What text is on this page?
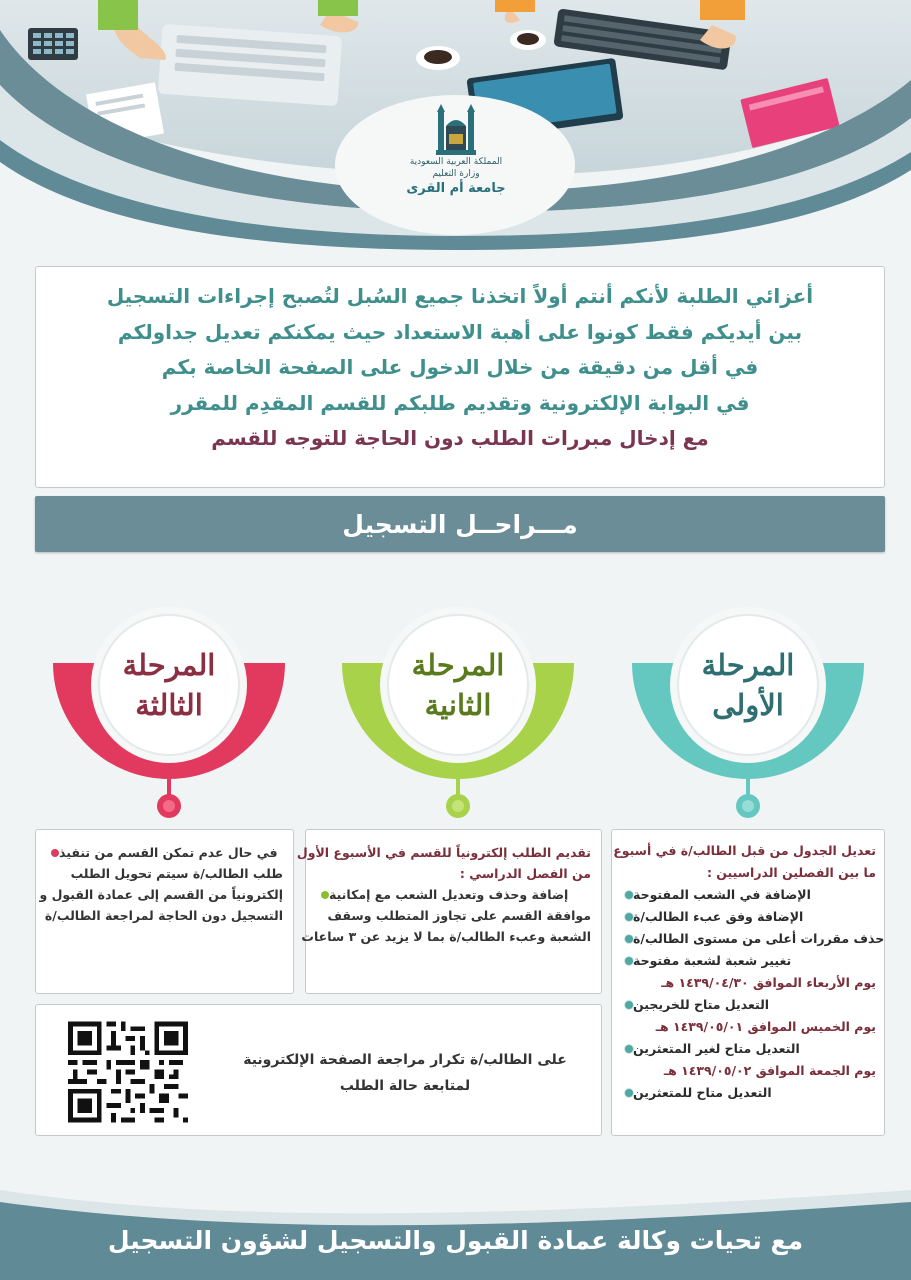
المملكة العربية السعودية
وزارة التعليم
جامعة أم القرى
أعزائي الطلبة لأنكم أنتم أولاً اتخذنا جميع السُبل لتُصبح إجراءات التسجيل
بين أيديكم فقط كونوا على أهبة الاستعداد حيث يمكنكم تعديل جداولكم
في أقل من دقيقة من خلال الدخول على الصفحة الخاصة بكم
في البوابة الإلكترونية وتقديم طلبكم للقسم المقدِم للمقرر
مع إدخال مبررات الطلب دون الحاجة للتوجه للقسم
مـــراحــل التسجيل
المرحلة
الثالثة
المرحلة
الثانية
المرحلة
الأولى
في حال عدم تمكن القسم من تنفيذ
طلب الطالب/ة سيتم تحويل الطلب
إلكترونياً من القسم إلى عمادة القبول و
التسجيل دون الحاجة لمراجعة الطالب/ة
تقديم الطلب إلكترونياً للقسم في الأسبوع الأول
من الفصل الدراسي :
إضافة وحذف وتعديل الشعب مع إمكانية
موافقة القسم على تجاوز المتطلب وسقف
الشعبة وعبء الطالب/ة بما لا يزيد عن ٣ ساعات
تعديل الجدول من قبل الطالب/ة في أسبوع
ما بين الفصلين الدراسيين :
الإضافة في الشعب المفتوحة
الإضافة وفق عبء الطالب/ة
حذف مقررات أعلى من مستوى الطالب/ة
تغيير شعبة لشعبة مفتوحة
يوم الأربعاء الموافق ١٤٣٩/٠٤/٣٠ هـ
التعديل متاح للخريجين
يوم الخميس الموافق ١٤٣٩/٠٥/٠١ هـ
التعديل متاح لغير المتعثرين
يوم الجمعة الموافق ١٤٣٩/٠٥/٠٢ هـ
التعديل متاح للمتعثرين
على الطالب/ة تكرار مراجعة الصفحة الإلكترونية
لمتابعة حالة الطلب
مع تحيات وكالة عمادة القبول والتسجيل لشؤون التسجيل
